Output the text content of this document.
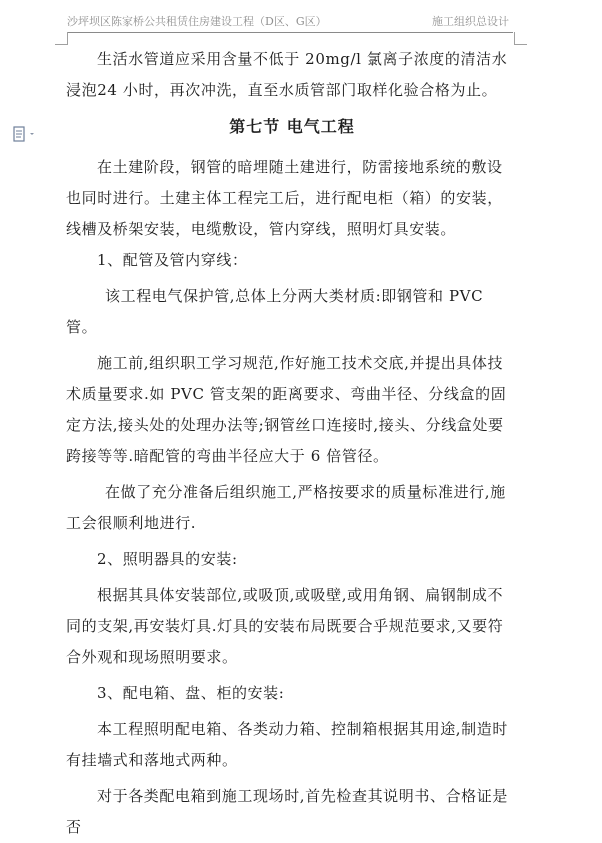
沙坪坝区陈家桥公共租赁住房建设工程（D区、G区）	施工组织总设计

生活水管道应采用含量不低于 20mg/l 氯离子浓度的清洁水浸泡24 小时，再次冲洗，直至水质管部门取样化验合格为止。

第七节 电气工程

在土建阶段，钢管的暗埋随土建进行，防雷接地系统的敷设也同时进行。土建主体工程完工后，进行配电柜（箱）的安装，线槽及桥架安装，电缆敷设，管内穿线，照明灯具安装。

1、配管及管内穿线：

该工程电气保护管,总体上分两大类材质:即钢管和 PVC 管。

施工前,组织职工学习规范,作好施工技术交底,并提出具体技术质量要求.如 PVC 管支架的距离要求、弯曲半径、分线盒的固定方法,接头处的处理办法等;钢管丝口连接时,接头、分线盒处要跨接等等.暗配管的弯曲半径应大于 6 倍管径。

在做了充分准备后组织施工,严格按要求的质量标准进行,施工会很顺利地进行.

2、照明器具的安装:

根据其具体安装部位,或吸顶,或吸壁,或用角钢、扁钢制成不同的支架,再安装灯具.灯具的安装布局既要合乎规范要求,又要符合外观和现场照明要求。

3、配电箱、盘、柜的安装:

本工程照明配电箱、各类动力箱、控制箱根据其用途,制造时有挂墙式和落地式两种。

对于各类配电箱到施工现场时,首先检查其说明书、合格证是否
